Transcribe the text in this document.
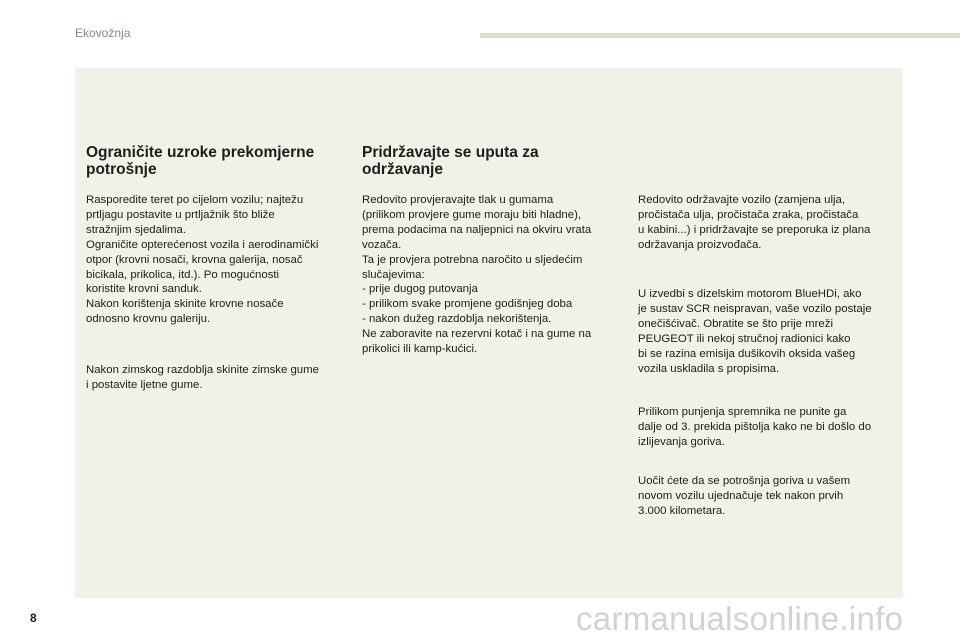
Ekovožnja
Ograničite uzroke prekomjerne
potrošnje
Rasporedite teret po cijelom vozilu; najtežu
prtljagu postavite u prtljažnik što bliže
stražnjim sjedalima.
Ograničite opterećenost vozila i aerodinamički
otpor (krovni nosači, krovna galerija, nosač
bicikala, prikolica, itd.). Po mogućnosti
koristite krovni sanduk.
Nakon korištenja skinite krovne nosače
odnosno krovnu galeriju.
Nakon zimskog razdoblja skinite zimske gume
i postavite ljetne gume.
Pridržavajte se uputa za
održavanje
Redovito provjeravajte tlak u gumama
(prilikom provjere gume moraju biti hladne),
prema podacima na naljepnici na okviru vrata
vozača.
Ta je provjera potrebna naročito u sljedećim
slučajevima:
- prije dugog putovanja
- prilikom svake promjene godišnjeg doba
- nakon dužeg razdoblja nekorištenja.
Ne zaboravite na rezervni kotač i na gume na
prikolici ili kamp-kućici.
Redovito održavajte vozilo (zamjena ulja,
pročistača ulja, pročistača zraka, pročistača
u kabini...) i pridržavajte se preporuka iz plana
održavanja proizvođača.
U izvedbi s dizelskim motorom BlueHDi, ako
je sustav SCR neispravan, vaše vozilo postaje
onečišćivač. Obratite se što prije mreži
PEUGEOT ili nekoj stručnoj radionici kako
bi se razina emisija dušikovih oksida vašeg
vozila uskladila s propisima.
Prilikom punjenja spremnika ne punite ga
dalje od 3. prekida pištolja kako ne bi došlo do
izlijevanja goriva.
Uočit ćete da se potrošnja goriva u vašem
novom vozilu ujednačuje tek nakon prvih
3.000 kilometara.
8	carmanualsonline.info
